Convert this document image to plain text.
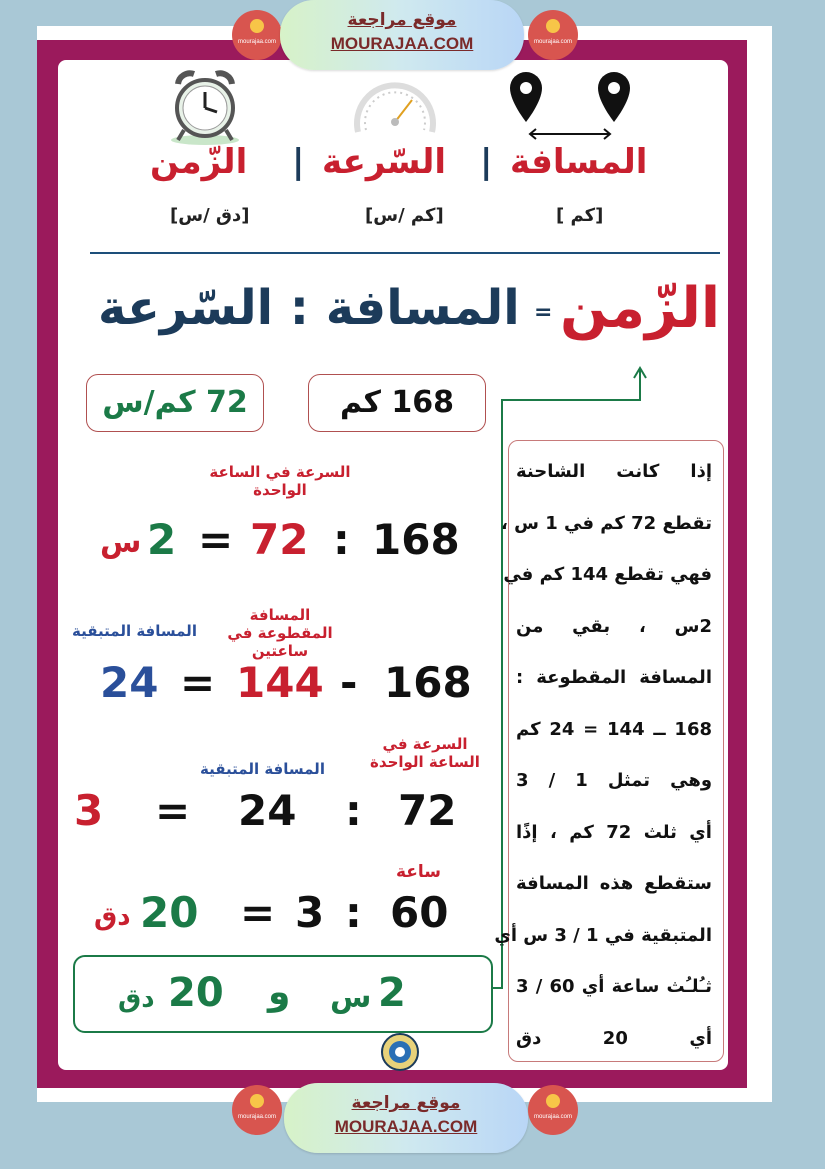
mourajaa.com
موقع مراجعة
MOURAJAA.COM	mourajaa.com
المسافة
|
السّرعة
|
الزّمن
[كم ]
[كم /س]
[دق /س]
الزّمن
=
المسافة : السّرعة
168 كم
72 كم/س
السرعة في الساعة الواحدة
168
:
72
=
2
س
المسافة المقطوعة في ساعتين
المسافة المتبقية
168
-
144
=
24
السرعة في الساعة الواحدة
المسافة المتبقية
72
:
24
=
3
ساعة
60
:
3
=
20
دق
2
س
و
20
دق
إذا كانت الشاحنة
تقطع 72 كم في 1 س ،
فهي تقطع 144 كم في
2س ، بقي من
المسافة المقطوعة :
168 ــ 144 = 24 كم
وهي تمثل 1 / 3
أي ثلث 72 كم ، إذًا
ستقطع هذه المسافة
المتبقية في 1 / 3 س أي
ثـُلـُث ساعة أي 60 / 3
أي 20 دق
mourajaa.com
موقع مراجعة
MOURAJAA.COM	mourajaa.com
